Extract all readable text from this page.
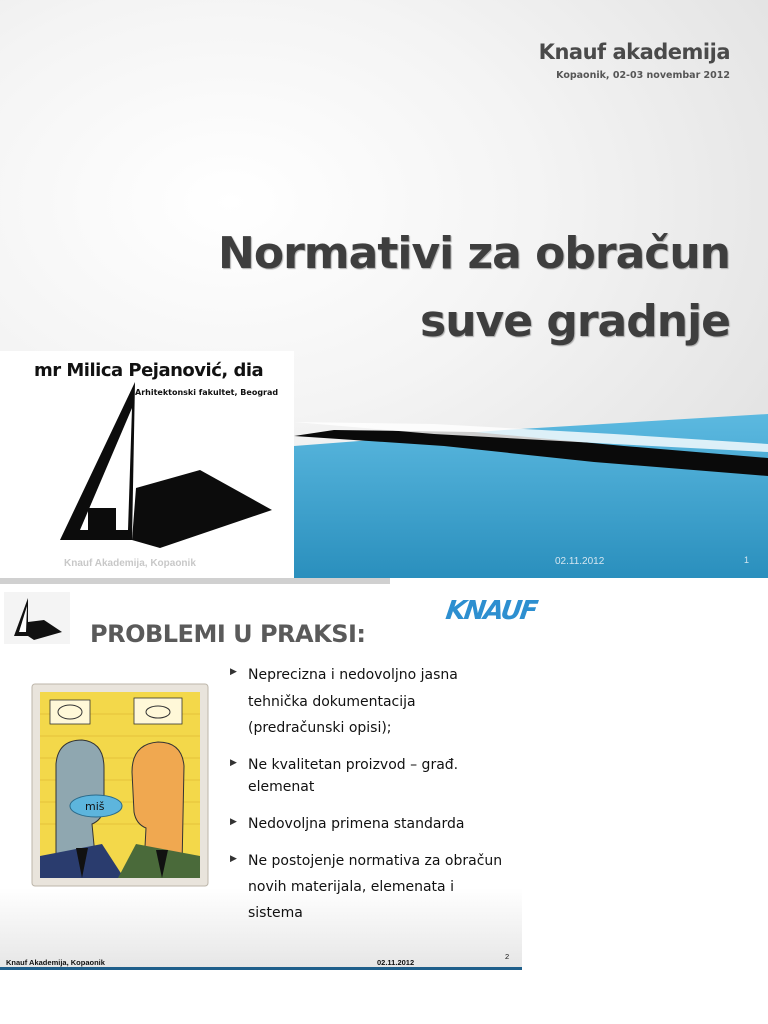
Knauf akademija
Kopaonik, 02-03 novembar 2012
Normativi za obračun
suve gradnje
mr Milica Pejanović, dia
Arhitektonski fakultet, Beograd
Knauf Akademija, Kopaonik	02.11.2012	1
PROBLEMI U PRAKSI:
KNAUF
miš
▶ Neprecizna i nedovoljno jasna tehnička dokumentacija (predračunski opisi);
▶ Ne kvalitetan proizvod – građ. elemenat
▶ Nedovoljna primena standarda
▶ Ne postojenje normativa za obračun novih materijala, elemenata i sistema
Knauf Akademija, Kopaonik	02.11.2012
2
